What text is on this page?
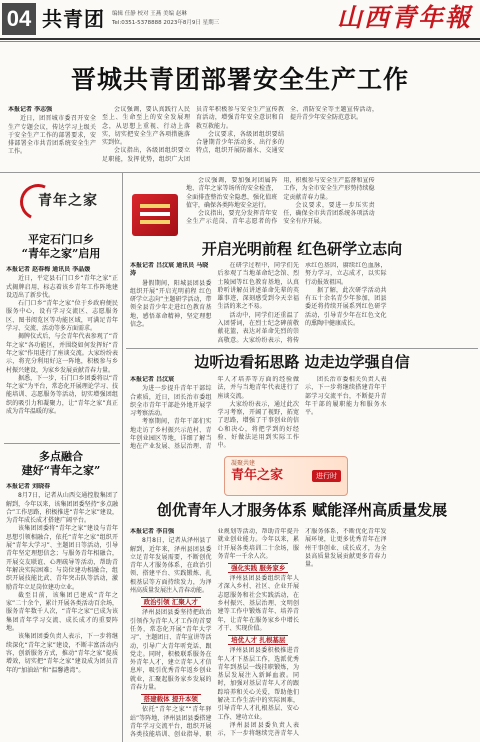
04 共青团 编辑 任静 校对 王燕 美编 赵琳
Tel:0351-5378888 2023年8月9日 星期三	山西青年報
晋城共青团部署安全生产工作
本报记者 李志强

近日，团晋城市委召开安全生产专题会议，传达学习上级关于安全生产工作的部署要求，安排部署全市共青团系统安全生产工作。

会议强调，要认真践行人民至上、生命至上的安全发展理念，从思想上重视、行动上落实，切实把安全生产各项措施落实到位。

会议指出，各级团组织要立足职能，发挥优势，组织广大团员青年积极参与安全生产宣传教育活动，增强青年安全意识和自救互救能力。

会议要求，各级团组织要结合暑期青少年活动多、出行多的特点，组织开展防溺水、交通安全、消防安全等主题宣传活动，提升青少年安全防范意识。

会议强调，要加强对团属阵地、青年之家等场所的安全检查，全面排查整治安全隐患，强化值班值守，确保各类阵地安全运行。

会议指出，要充分发挥青年安全生产示范岗、青年志愿者的作用，积极参与安全生产监督和宣传工作，为全市安全生产形势持续稳定贡献青春力量。

会议要求，要进一步压实责任，确保全市共青团系统各项活动安全有序开展。

青年之家
平定石门口乡
“青年之家”启用
本报记者 赵春梅 通讯员 李晶媛

近日，平定县石门口乡“青年之家”正式揭牌启用，标志着该乡青年工作阵地建设迈出了新步伐。

石门口乡“青年之家”位于乡政府便民服务中心，设有学习交流区、志愿服务区、图书阅览区等功能区域，可满足青年学习、交流、活动等多方面需求。

揭牌仪式后，与会青年代表参观了“青年之家”各功能区，并围绕如何发挥好“青年之家”作用进行了座谈交流。大家纷纷表示，将充分利用好这一阵地，积极参与乡村振兴建设，为家乡发展贡献青春力量。

据悉，下一步，石门口乡团委将以“青年之家”为平台，常态化开展理论学习、技能培训、志愿服务等活动，切实增强团组织的吸引力和凝聚力，让“青年之家”真正成为青年温暖的家。

多点融合
建好“青年之家”
本报记者 刘晓春

8月7日，记者从山西交通控股集团了解到，今年以来，该集团团委坚持“多点融合”工作思路，积极推进“青年之家”建设，为青年成长成才搭建广阔平台。

该集团团委将“青年之家”建设与青年思想引领相融合，依托“青年之家”组织开展“青年大学习”、主题团日等活动，引导青年坚定理想信念；与服务青年相融合，开展交友联谊、心理疏导等活动，帮助青年解决实际困难；与岗位建功相融合，组织开展技能比武、青年突击队等活动，激励青年立足岗位建功立业。

截至目前，该集团已建成“青年之家”二十余个，累计开展各类活动百余场，服务青年数千人次，“青年之家”已成为该集团青年学习交流、成长成才的重要阵地。

该集团团委负责人表示，下一步将继续深化“青年之家”建设，不断丰富活动内容，创新服务方式，推动“青年之家”提质增效，切实把“青年之家”建设成为团员青年的“加油站”和“温馨港湾”。

开启光明前程 红色研学立志向
本报记者 吕汶宸 通讯员 马晓涛

暑假期间，阳城县团县委组织开展“开启光明前程 红色研学立志向”主题研学活动，带领全县青少年走进红色教育基地，感悟革命精神，坚定理想信念。

在研学过程中，同学们先后参观了当地革命纪念馆、烈士陵园等红色教育基地，认真聆听讲解员讲述革命先辈的英雄事迹，深刻感受到今天幸福生活的来之不易。

活动中，同学们还重温了入团誓词，在烈士纪念碑前敬献花篮，表达对革命先烈的崇高敬意。大家纷纷表示，将传承红色基因，赓续红色血脉，努力学习，立志成才，以实际行动报效祖国。

据了解，此次研学活动共有五十余名青少年参加，团县委还将持续开展系列红色研学活动，引导青少年在红色文化的熏陶中健康成长。

边听边看拓思路 边走边学强自信
本报记者 吕汶宸

为进一步提升青年干部综合素质，近日，团长治市委组织全市青年干部赴外地开展学习考察活动。

考察期间，青年干部们实地走访了乡村振兴示范村、青年创业园区等地，详细了解当地在产业发展、基层治理、青年人才培养等方面的经验做法，并与当地青年代表进行了座谈交流。

大家纷纷表示，通过此次学习考察，开阔了视野，拓宽了思路，增强了干事创业的信心和决心，将把学到的好经验、好做法运用到实际工作中。

团长治市委相关负责人表示，下一步将继续搭建青年干部学习交流平台，不断提升青年干部的履职能力和服务水平。

凝聚共建
青年之家	进行时
创优青年人才服务体系 赋能泽州高质量发展
本报记者 李自强

8月8日，记者从泽州县了解到，近年来，泽州县团县委立足青年发展需要，不断创优青年人才服务体系，在政治引领、搭建平台、实践锻炼、扎根基层等方面持续发力，为泽州高质量发展注入青春动能。

政治引领 汇聚人才

泽州县团县委坚持把政治引领作为青年人才工作的首要任务，常态化开展“青年大学习”、主题团日、青年宣讲等活动，引导广大青年听党话、跟党走。同时，积极联系服务在外青年人才，建立青年人才信息库，吸引优秀青年返乡创业就业，汇聚起服务家乡发展的青春力量。

搭建载体 提升本领

依托“青年之家”“青年驿站”等阵地，泽州县团县委搭建青年学习交流平台，组织开展各类技能培训、创业指导、职业规划等活动，帮助青年提升就业创业能力。今年以来，累计开展各类培训二十余场，服务青年一千余人次。

强化实践 服务家乡

泽州县团县委组织青年人才深入乡村、社区、企业开展志愿服务和社会实践活动，在乡村振兴、基层治理、文明创建等工作中锻炼青年、培养青年，让青年在服务家乡中增长才干、实现价值。

培优人才 扎根基层

泽州县团县委积极推进青年人才下基层工作，选派优秀青年到基层一线挂职锻炼，为基层发展注入新鲜血液。同时，加强对基层青年人才的跟踪培养和关心关爱，帮助他们解决工作生活中的实际困难，引导青年人才扎根基层、安心工作、建功立业。

泽州县团县委负责人表示，下一步将继续完善青年人才服务体系，不断优化青年发展环境，让更多优秀青年在泽州干事创业、成长成才，为全县高质量发展贡献更多青春力量。
